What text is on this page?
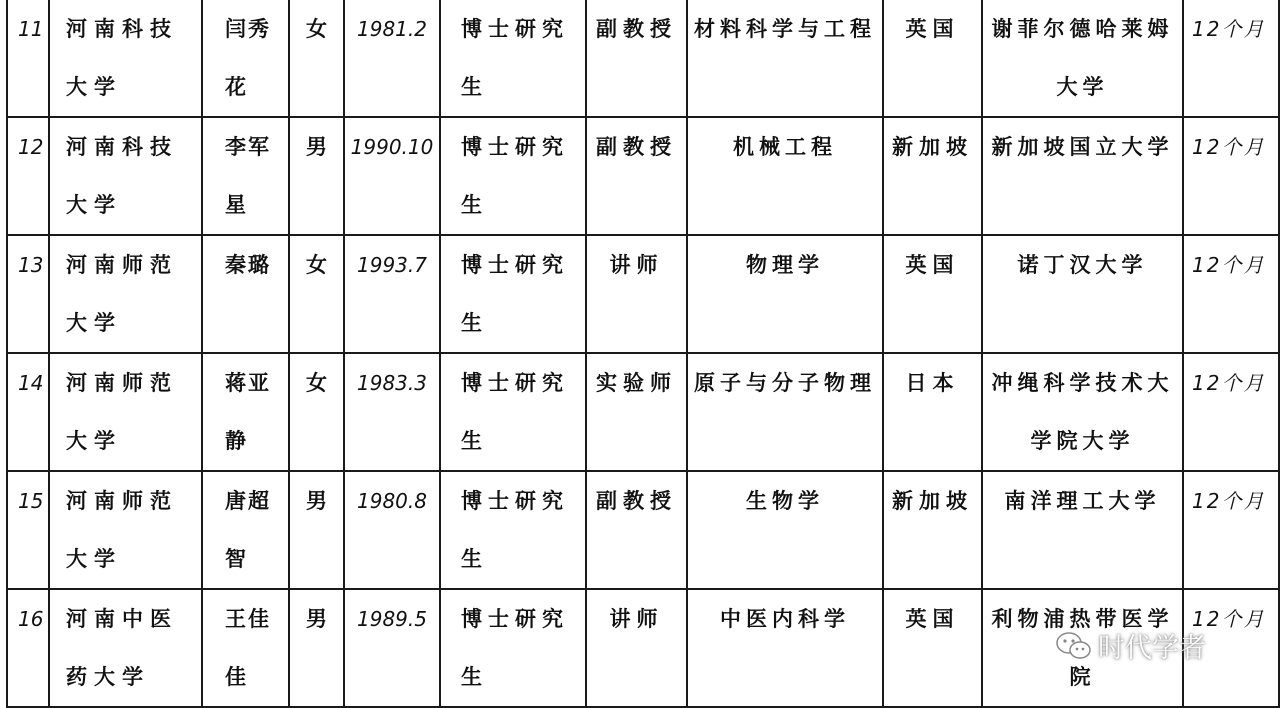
11	河南科技大学	闫秀花	女	1981.2	博士研究生	副教授	材料科学与工程	英国	谢菲尔德哈莱姆大学	12个月

12	河南科技大学	李军星	男	1990.10	博士研究生	副教授	机械工程	新加坡	新加坡国立大学	12个月

13	河南师范大学	秦璐	女	1993.7	博士研究生	讲师	物理学	英国	诺丁汉大学	12个月

14	河南师范大学	蒋亚静	女	1983.3	博士研究生	实验师	原子与分子物理	日本	冲绳科学技术大学院大学	12个月

15	河南师范大学	唐超智	男	1980.8	博士研究生	副教授	生物学	新加坡	南洋理工大学	12个月

16	河南中医药大学	王佳佳	男	1989.5	博士研究生	讲师	中医内科学	英国	利物浦热带医学院	12个月
时代学者
